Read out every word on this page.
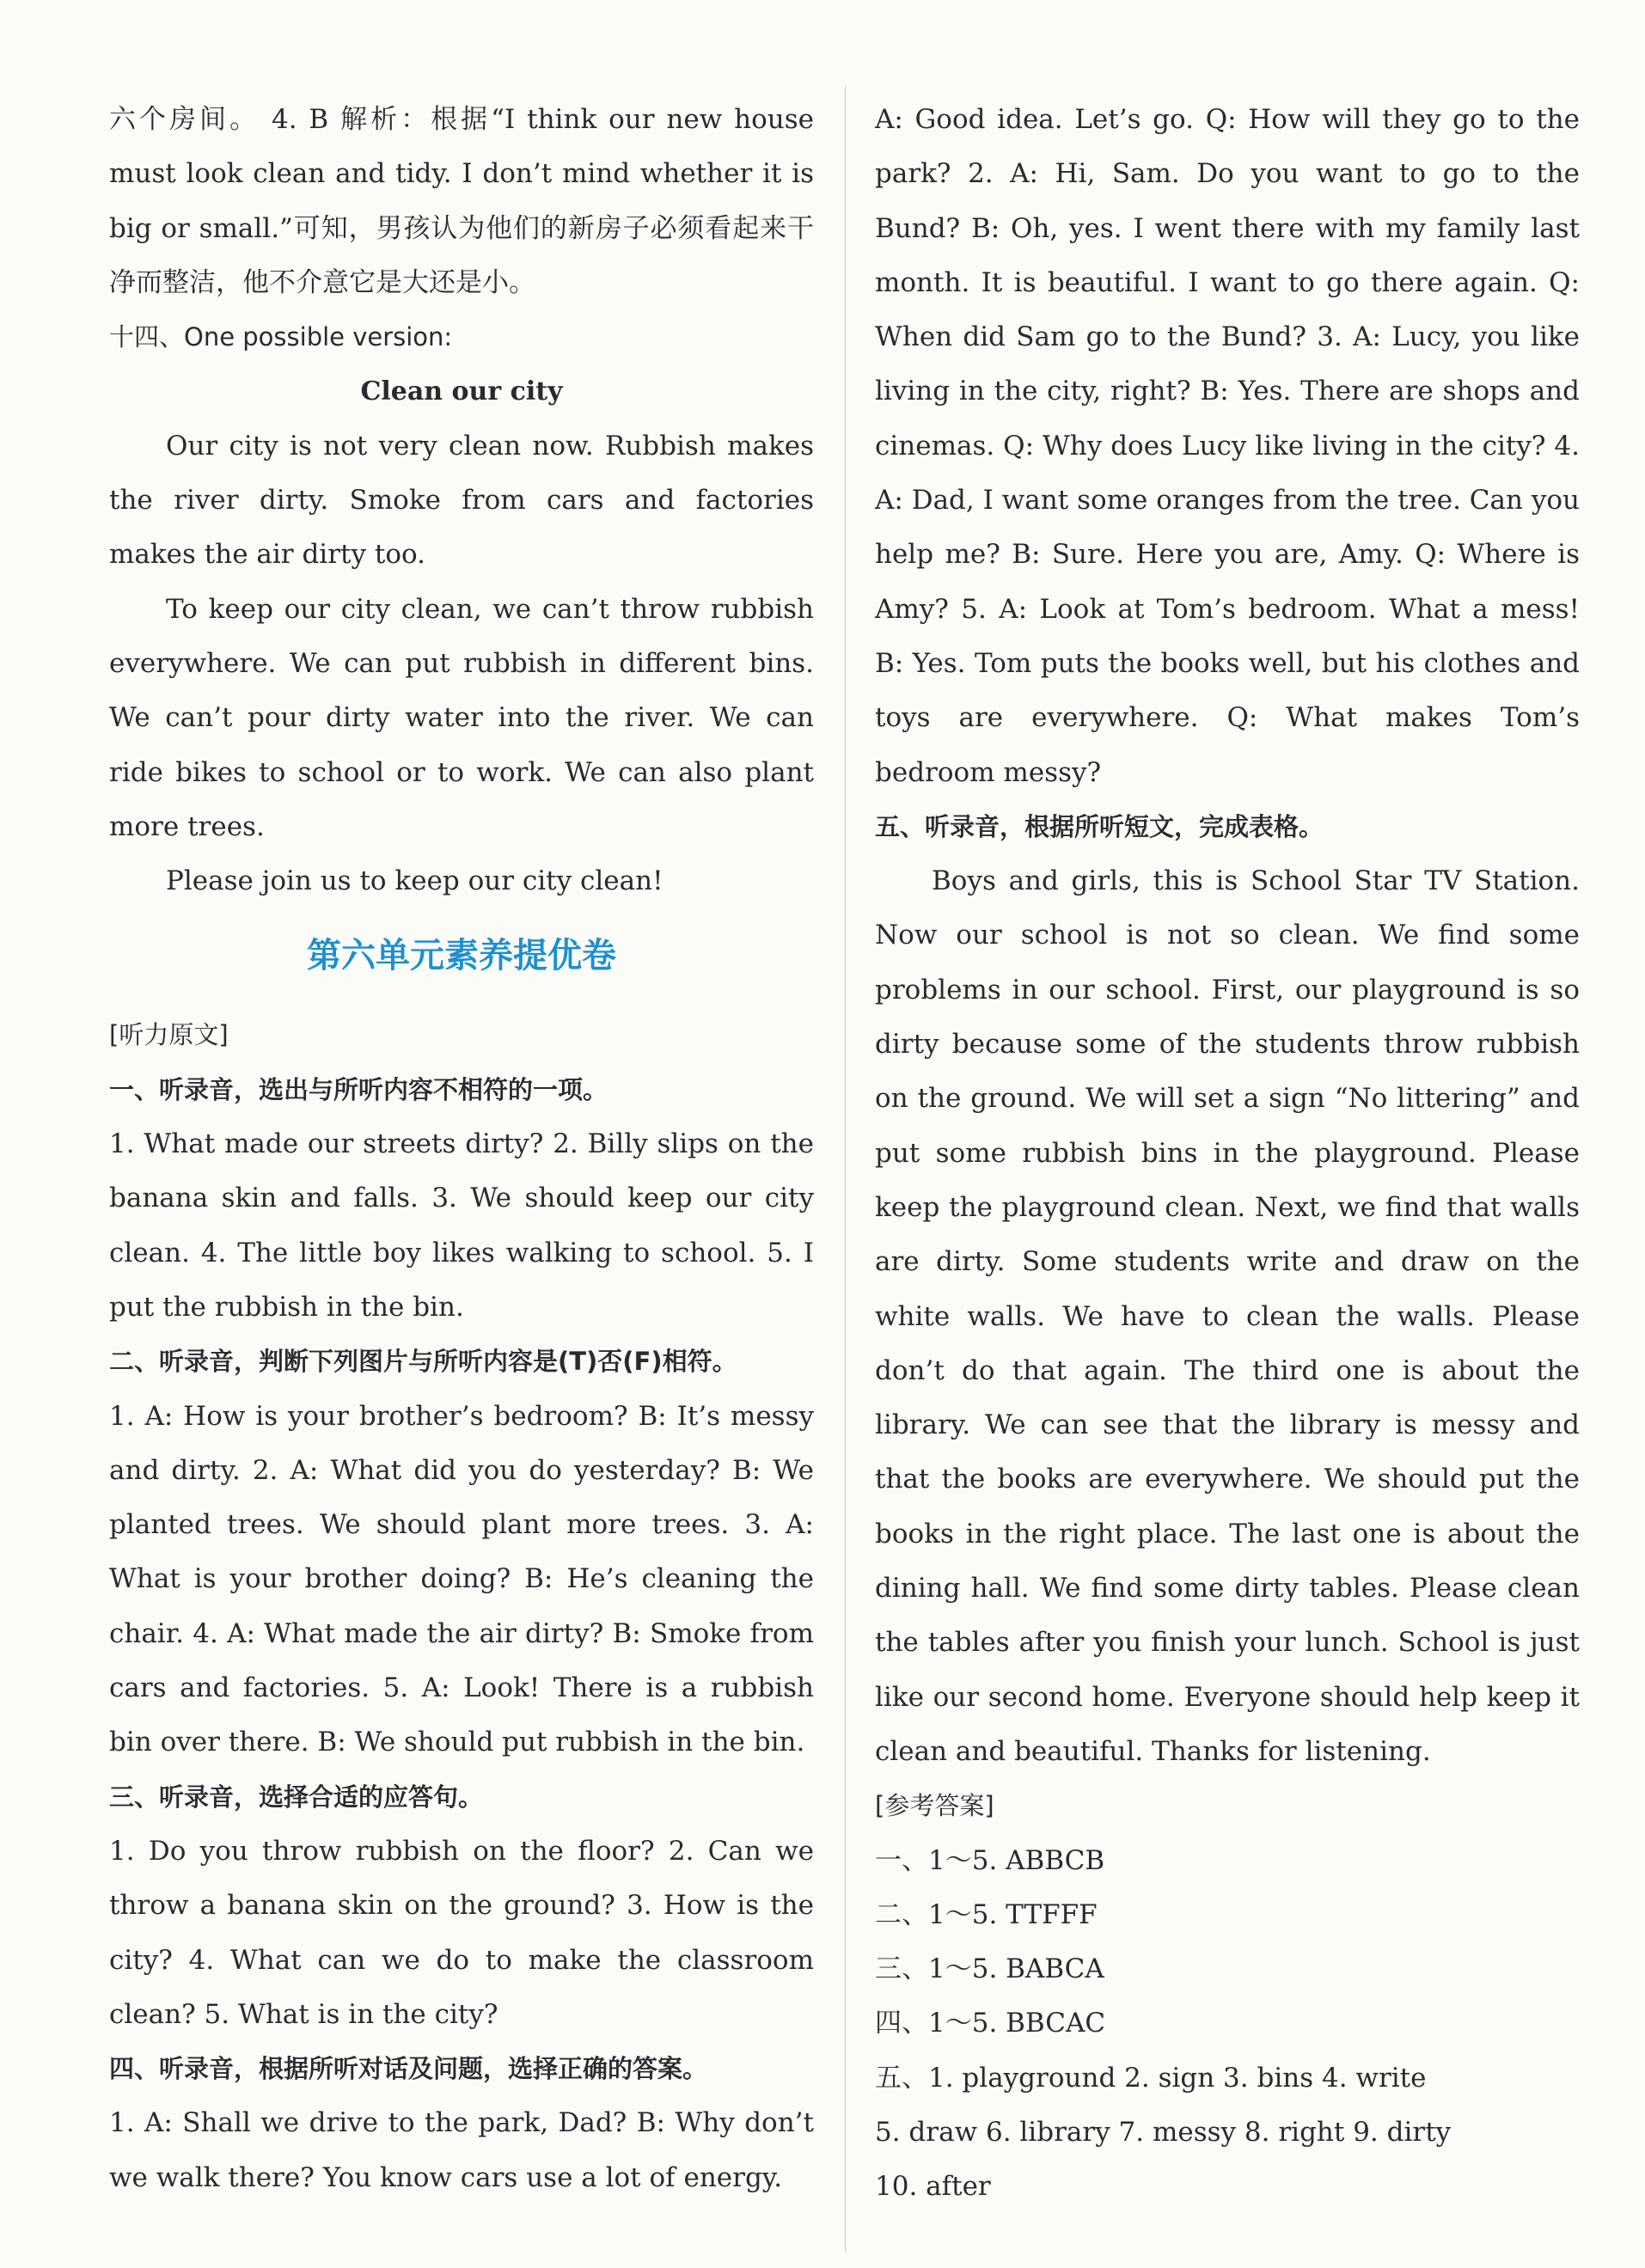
六个房间。 4. B 解析：根据“I think our new house must look clean and tidy. I don’t mind whether it is big or small.”可知，男孩认为他们的新房子必须看起来干净而整洁，他不介意它是大还是小。

十四、One possible version:

Clean our city

Our city is not very clean now. Rubbish makes the river dirty. Smoke from cars and factories makes the air dirty too.

To keep our city clean, we can’t throw rubbish everywhere. We can put rubbish in different bins. We can’t pour dirty water into the river. We can ride bikes to school or to work. We can also plant more trees.

Please join us to keep our city clean!

第六单元素养提优卷

[听力原文]

一、听录音，选出与所听内容不相符的一项。

1. What made our streets dirty? 2. Billy slips on the banana skin and falls. 3. We should keep our city clean. 4. The little boy likes walking to school. 5. I put the rubbish in the bin.

二、听录音，判断下列图片与所听内容是(T)否(F)相符。

1. A: How is your brother’s bedroom? B: It’s messy and dirty. 2. A: What did you do yesterday? B: We planted trees. We should plant more trees. 3. A: What is your brother doing? B: He’s cleaning the chair. 4. A: What made the air dirty? B: Smoke from cars and factories. 5. A: Look! There is a rubbish bin over there. B: We should put rubbish in the bin.

三、听录音，选择合适的应答句。

1. Do you throw rubbish on the floor? 2. Can we throw a banana skin on the ground? 3. How is the city? 4. What can we do to make the classroom clean? 5. What is in the city?

四、听录音，根据所听对话及问题，选择正确的答案。

1. A: Shall we drive to the park, Dad? B: Why don’t we walk there? You know cars use a lot of energy.

A: Good idea. Let’s go. Q: How will they go to the park? 2. A: Hi, Sam. Do you want to go to the Bund? B: Oh, yes. I went there with my family last month. It is beautiful. I want to go there again. Q: When did Sam go to the Bund? 3. A: Lucy, you like living in the city, right? B: Yes. There are shops and cinemas. Q: Why does Lucy like living in the city? 4. A: Dad, I want some oranges from the tree. Can you help me? B: Sure. Here you are, Amy. Q: Where is Amy? 5. A: Look at Tom’s bedroom. What a mess! B: Yes. Tom puts the books well, but his clothes and toys are everywhere. Q: What makes Tom’s bedroom messy?

五、听录音，根据所听短文，完成表格。

Boys and girls, this is School Star TV Station. Now our school is not so clean. We find some problems in our school. First, our playground is so dirty because some of the students throw rubbish on the ground. We will set a sign “No littering” and put some rubbish bins in the playground. Please keep the playground clean. Next, we find that walls are dirty. Some students write and draw on the white walls. We have to clean the walls. Please don’t do that again. The third one is about the library. We can see that the library is messy and that the books are everywhere. We should put the books in the right place. The last one is about the dining hall. We find some dirty tables. Please clean the tables after you finish your lunch. School is just like our second home. Everyone should help keep it clean and beautiful. Thanks for listening.

[参考答案]

一、1～5. ABBCB

二、1～5. TTFFF

三、1～5. BABCA

四、1～5. BBCAC

五、1. playground 2. sign 3. bins 4. write

5. draw 6. library 7. messy 8. right 9. dirty

10. after
